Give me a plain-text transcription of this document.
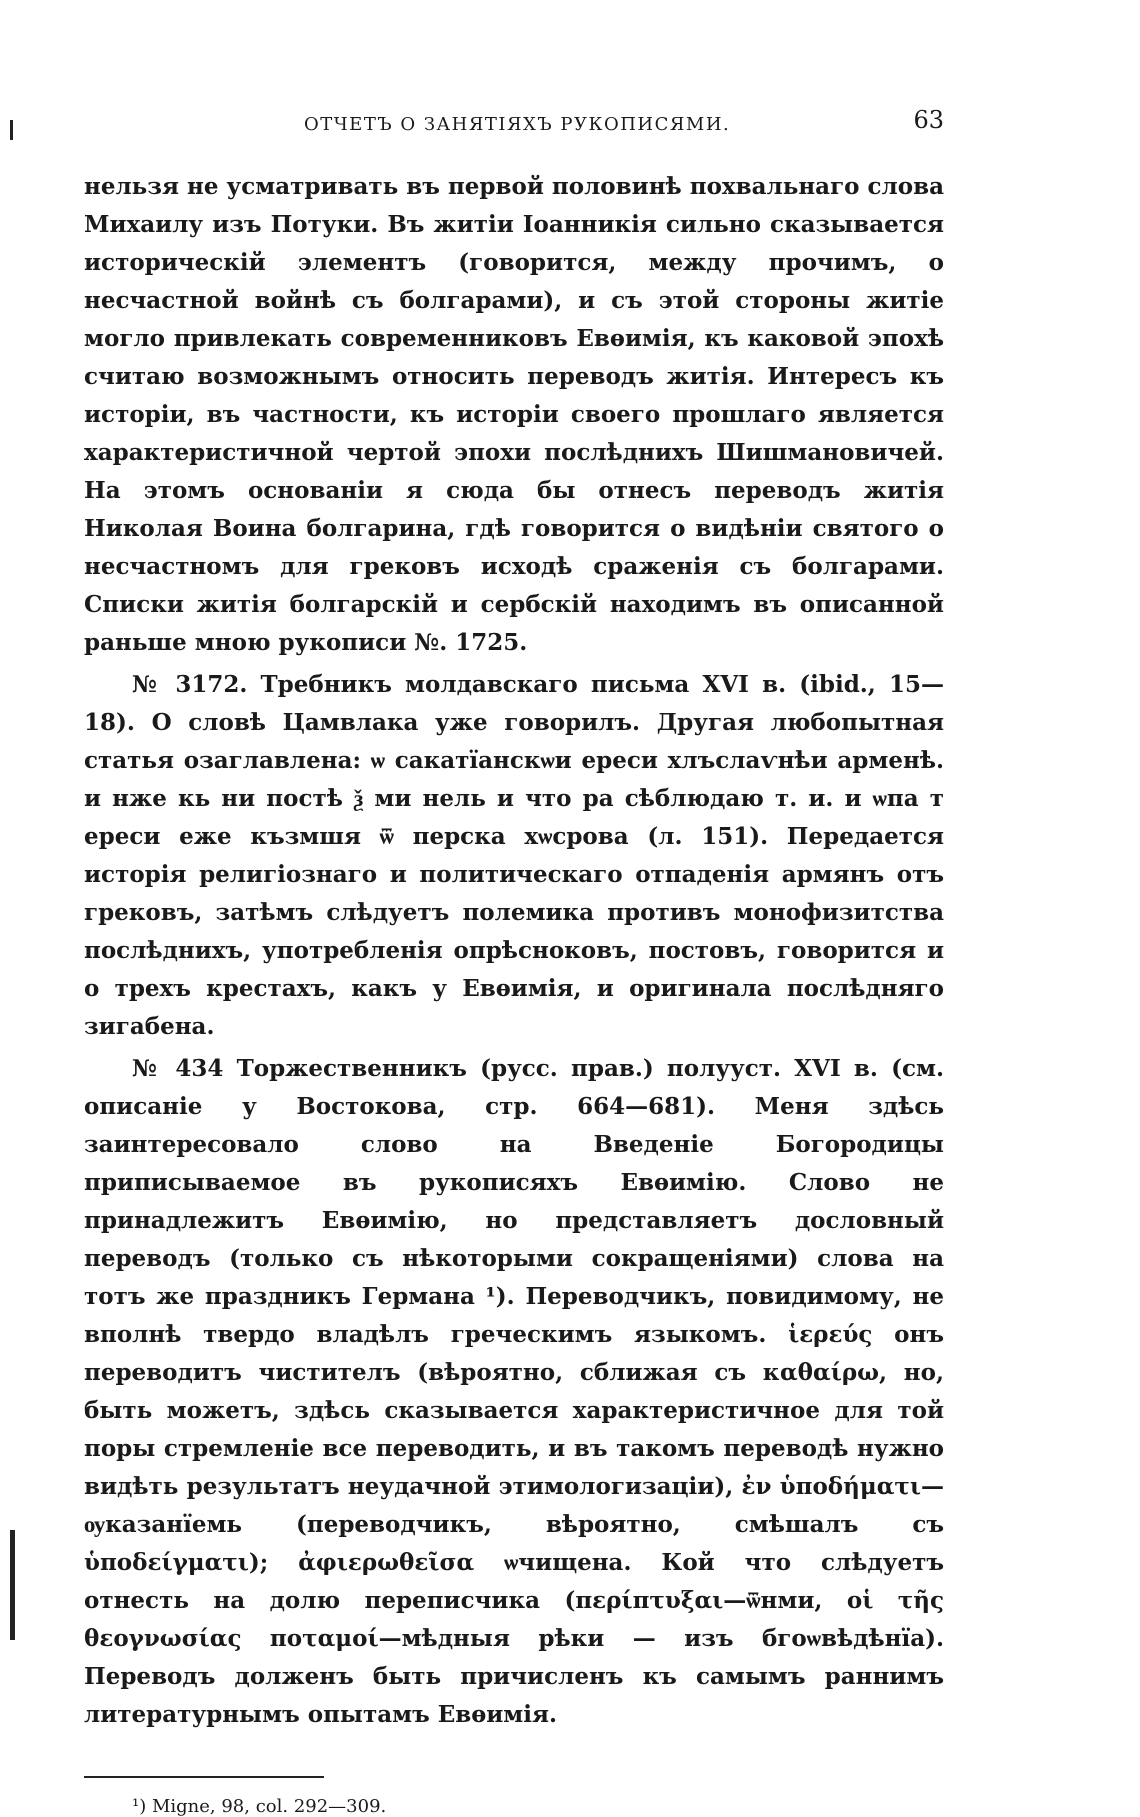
ОТЧЕТЪ О ЗАНЯТІЯХЪ РУКОПИСЯМИ.	63

нельзя не усматривать въ первой половинѣ похвальнаго слова Михаилу изъ Потуки. Въ житіи Іоанникія сильно сказывается историческій элементъ (говорится, между прочимъ, о несчастной войнѣ съ болгарами), и съ этой стороны житіе могло привлекать современниковъ Евѳимія, къ каковой эпохѣ считаю возможнымъ относить переводъ житія. Интересъ къ исторіи, въ частности, къ исторіи своего прошлаго является характеристичной чертой эпохи послѣднихъ Шишмановичей. На этомъ основаніи я сюда бы отнесъ переводъ житія Николая Воина болгарина, гдѣ говорится о видѣніи святого о несчастномъ для грековъ исходѣ сраженія съ болгарами. Списки житія болгарскій и сербскій находимъ въ описанной раньше мною рукописи №. 1725.

№ 3172. Требникъ молдавскаго письма XVI в. (ibid., 15—18). О словѣ Цамвлака уже говорилъ. Другая любопытная статья озаглавлена: ѡ сакатїанскѡи ереси хлъслаѵнѣи арменѣ. и нже кь ни постѣ ѯ ми нель и что ра сѣблюдаю т. и. и ѡпа т ереси еже къзмшя ѿ перска хѡсрова (л. 151). Передается исторія религіознаго и политическаго отпаденія армянъ отъ грековъ, затѣмъ слѣдуетъ полемика противъ монофизитства послѣднихъ, употребленія опрѣсноковъ, постовъ, говорится и о трехъ крестахъ, какъ у Евѳимія, и оригинала послѣдняго зигабена.

№ 434 Торжественникъ (русс. прав.) полууст. XVI в. (см. описаніе у Востокова, стр. 664—681). Меня здѣсь заинтересовало слово на Введеніе Богородицы приписываемое въ рукописяхъ Евѳимію. Слово не принадлежитъ Евѳимію, но представляетъ дословный переводъ (только съ нѣкоторыми сокращеніями) слова на тотъ же праздникъ Германа ¹). Переводчикъ, повидимому, не вполнѣ твердо владѣлъ греческимъ языкомъ. ἱερεύς онъ переводитъ чистителъ (вѣроятно, сближая съ καθαίρω, но, быть можетъ, здѣсь сказывается характеристичное для той поры стремленіе все переводить, и въ такомъ переводѣ нужно видѣть результатъ неудачной этимологизаціи), ἐν ὑποδήματι—ѹказанїемь (переводчикъ, вѣроятно, смѣшалъ съ ὑποδείγματι); ἀφιερωθεῖσα ѡчищена. Кой что слѣдуетъ отнесть на долю переписчика (περίπτυξαι—ѿнми, οἱ τῆς θεογνωσίας ποταμοί—мѣдныя рѣки — изъ бгоѡвѣдѣнїа). Переводъ долженъ быть причисленъ къ самымъ раннимъ литературнымъ опытамъ Евѳимія.

¹) Migne, 98, col. 292—309.
